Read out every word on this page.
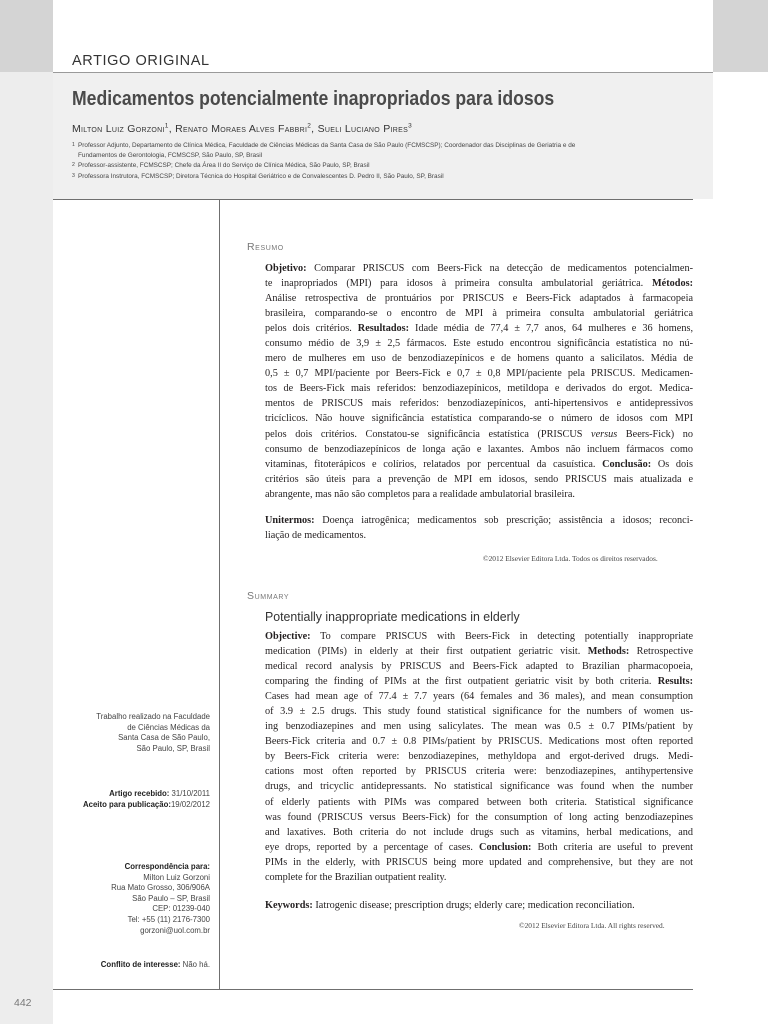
ARTIGO ORIGINAL
Medicamentos potencialmente inapropriados para idosos
Milton Luiz Gorzoni$^1$, Renato Moraes Alves Fabbri$^2$, Sueli Luciano Pires$^3$
1 Professor Adjunto, Departamento de Clínica Médica, Faculdade de Ciências Médicas da Santa Casa de São Paulo (FCMSCSP); Coordenador das Disciplinas de Geriatria e de
Fundamentos de Gerontologia, FCMSCSP, São Paulo, SP, Brasil
2 Professor-assistente, FCMSCSP; Chefe da Área II do Serviço de Clínica Médica, São Paulo, SP, Brasil
3 Professora Instrutora, FCMSCSP; Diretora Técnica do Hospital Geriátrico e de Convalescentes D. Pedro II, São Paulo, SP, Brasil
Trabalho realizado na Faculdade
de Ciências Médicas da
Santa Casa de São Paulo,
São Paulo, SP, Brasil
Artigo recebido: 31/10/2011
Aceito para publicação:19/02/2012
Correspondência para:
Milton Luiz Gorzoni
Rua Mato Grosso, 306/906A
São Paulo – SP, Brasil
CEP: 01239-040
Tel: +55 (11) 2176-7300
gorzoni@uol.com.br
Conflito de interesse: Não há.
Resumo
Objetivo: Comparar PRISCUS com Beers-Fick na detecção de medicamentos potencialmen-
te inapropriados (MPI) para idosos à primeira consulta ambulatorial geriátrica. Métodos:
Análise retrospectiva de prontuários por PRISCUS e Beers-Fick adaptados à farmacopeia
brasileira, comparando-se o encontro de MPI à primeira consulta ambulatorial geriátrica
pelos dois critérios. Resultados: Idade média de 77,4 ± 7,7 anos, 64 mulheres e 36 homens,
consumo médio de 3,9 ± 2,5 fármacos. Este estudo encontrou significância estatística no nú-
mero de mulheres em uso de benzodiazepínicos e de homens quanto a salicilatos. Média de
0,5 ± 0,7 MPI/paciente por Beers-Fick e 0,7 ± 0,8 MPI/paciente pela PRISCUS. Medicamen-
tos de Beers-Fick mais referidos: benzodiazepínicos, metildopa e derivados do ergot. Medica-
mentos de PRISCUS mais referidos: benzodiazepínicos, anti-hipertensivos e antidepressivos
tricíclicos. Não houve significância estatística comparando-se o número de idosos com MPI
pelos dois critérios. Constatou-se significância estatística (PRISCUS versus Beers-Fick) no
consumo de benzodiazepínicos de longa ação e laxantes. Ambos não incluem fármacos como
vitaminas, fitoterápicos e colírios, relatados por percentual da casuística. Conclusão: Os dois
critérios são úteis para a prevenção de MPI em idosos, sendo PRISCUS mais atualizada e
abrangente, mas não são completos para a realidade ambulatorial brasileira.
Unitermos: Doença iatrogênica; medicamentos sob prescrição; assistência a idosos; reconci-
liação de medicamentos.
©2012 Elsevier Editora Ltda. Todos os direitos reservados.
Summary
Potentially inappropriate medications in elderly
Objective: To compare PRISCUS with Beers-Fick in detecting potentially inappropriate
medication (PIMs) in elderly at their first outpatient geriatric visit. Methods: Retrospective
medical record analysis by PRISCUS and Beers-Fick adapted to Brazilian pharmacopoeia,
comparing the finding of PIMs at the first outpatient geriatric visit by both criteria. Results:
Cases had mean age of 77.4 ± 7.7 years (64 females and 36 males), and mean consumption
of 3.9 ± 2.5 drugs. This study found statistical significance for the numbers of women us-
ing benzodiazepines and men using salicylates. The mean was 0.5 ± 0.7 PIMs/patient by
Beers-Fick criteria and 0.7 ± 0.8 PIMs/patient by PRISCUS. Medications most often reported
by Beers-Fick criteria were: benzodiazepines, methyldopa and ergot-derived drugs. Medi-
cations most often reported by PRISCUS criteria were: benzodiazepines, antihypertensive
drugs, and tricyclic antidepressants. No statistical significance was found when the number
of elderly patients with PIMs was compared between both criteria. Statistical significance
was found (PRISCUS versus Beers-Fick) for the consumption of long acting benzodiazepines
and laxatives. Both criteria do not include drugs such as vitamins, herbal medications, and
eye drops, reported by a percentage of cases. Conclusion: Both criteria are useful to prevent
PIMs in the elderly, with PRISCUS being more updated and comprehensive, but they are not
complete for the Brazilian outpatient reality.
Keywords: Iatrogenic disease; prescription drugs; elderly care; medication reconciliation.
©2012 Elsevier Editora Ltda. All rights reserved.
442
